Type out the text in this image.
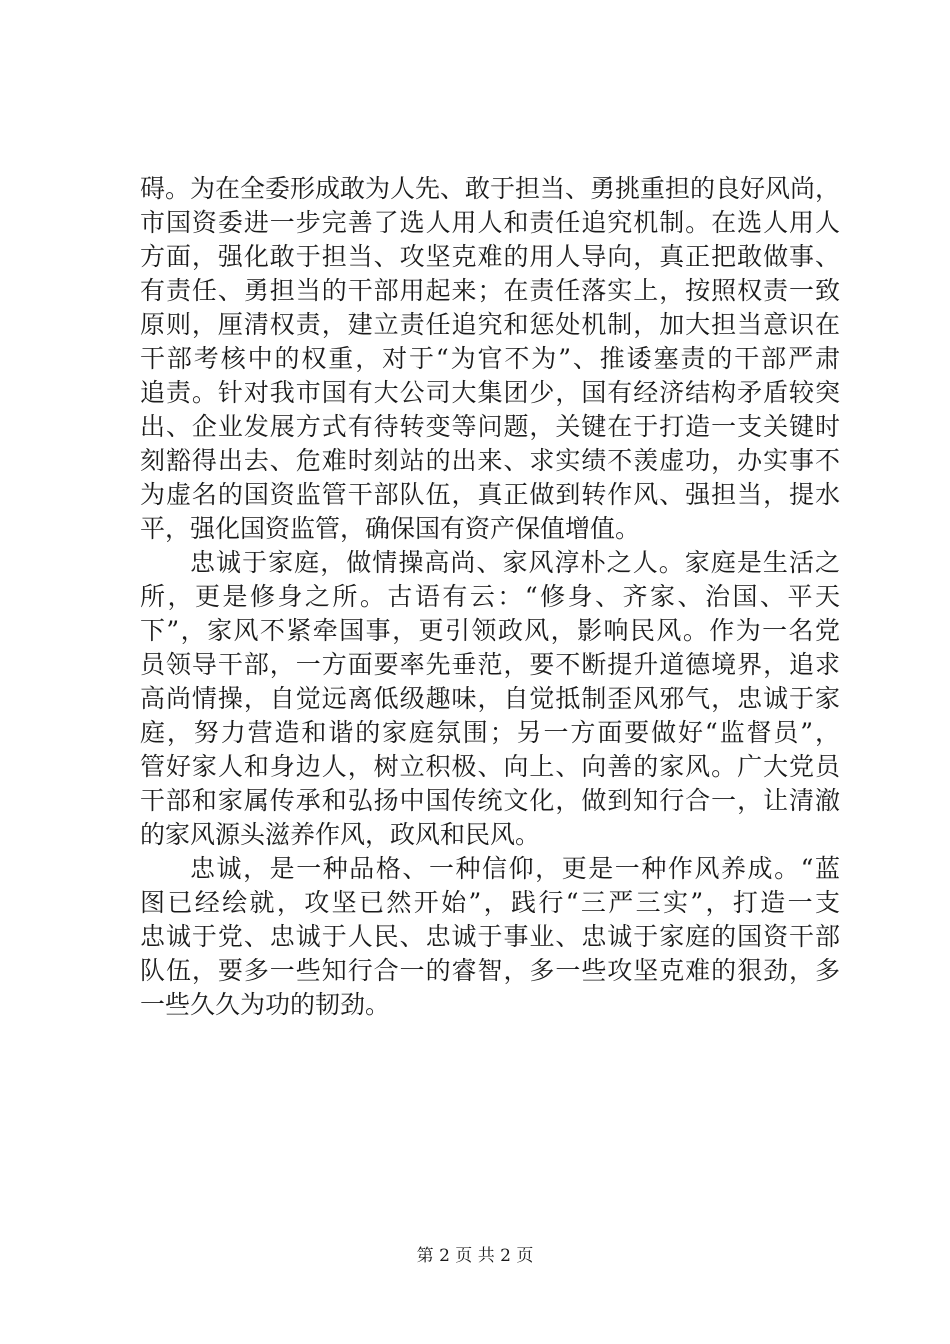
碍。为在全委形成敢为人先、敢于担当、勇挑重担的良好风尚，
市国资委进一步完善了选人用人和责任追究机制。在选人用人
方面，强化敢于担当、攻坚克难的用人导向，真正把敢做事、
有责任、勇担当的干部用起来；在责任落实上，按照权责一致
原则，厘清权责，建立责任追究和惩处机制，加大担当意识在
干部考核中的权重，对于“为官不为”、推诿塞责的干部严肃
追责。针对我市国有大公司大集团少，国有经济结构矛盾较突
出、企业发展方式有待转变等问题，关键在于打造一支关键时
刻豁得出去、危难时刻站的出来、求实绩不羡虚功，办实事不
为虚名的国资监管干部队伍，真正做到转作风、强担当，提水
平，强化国资监管，确保国有资产保值增值。
忠诚于家庭，做情操高尚、家风淳朴之人。家庭是生活之
所，更是修身之所。古语有云：“修身、齐家、治国、平天
下”，家风不紧牵国事，更引领政风，影响民风。作为一名党
员领导干部，一方面要率先垂范，要不断提升道德境界，追求
高尚情操，自觉远离低级趣味，自觉抵制歪风邪气，忠诚于家
庭，努力营造和谐的家庭氛围；另一方面要做好“监督员”，
管好家人和身边人，树立积极、向上、向善的家风。广大党员
干部和家属传承和弘扬中国传统文化，做到知行合一，让清澈
的家风源头滋养作风，政风和民风。
忠诚，是一种品格、一种信仰，更是一种作风养成。“蓝
图已经绘就，攻坚已然开始”，践行“三严三实”，打造一支
忠诚于党、忠诚于人民、忠诚于事业、忠诚于家庭的国资干部
队伍，要多一些知行合一的睿智，多一些攻坚克难的狠劲，多
一些久久为功的韧劲。
第 2 页 共 2 页
